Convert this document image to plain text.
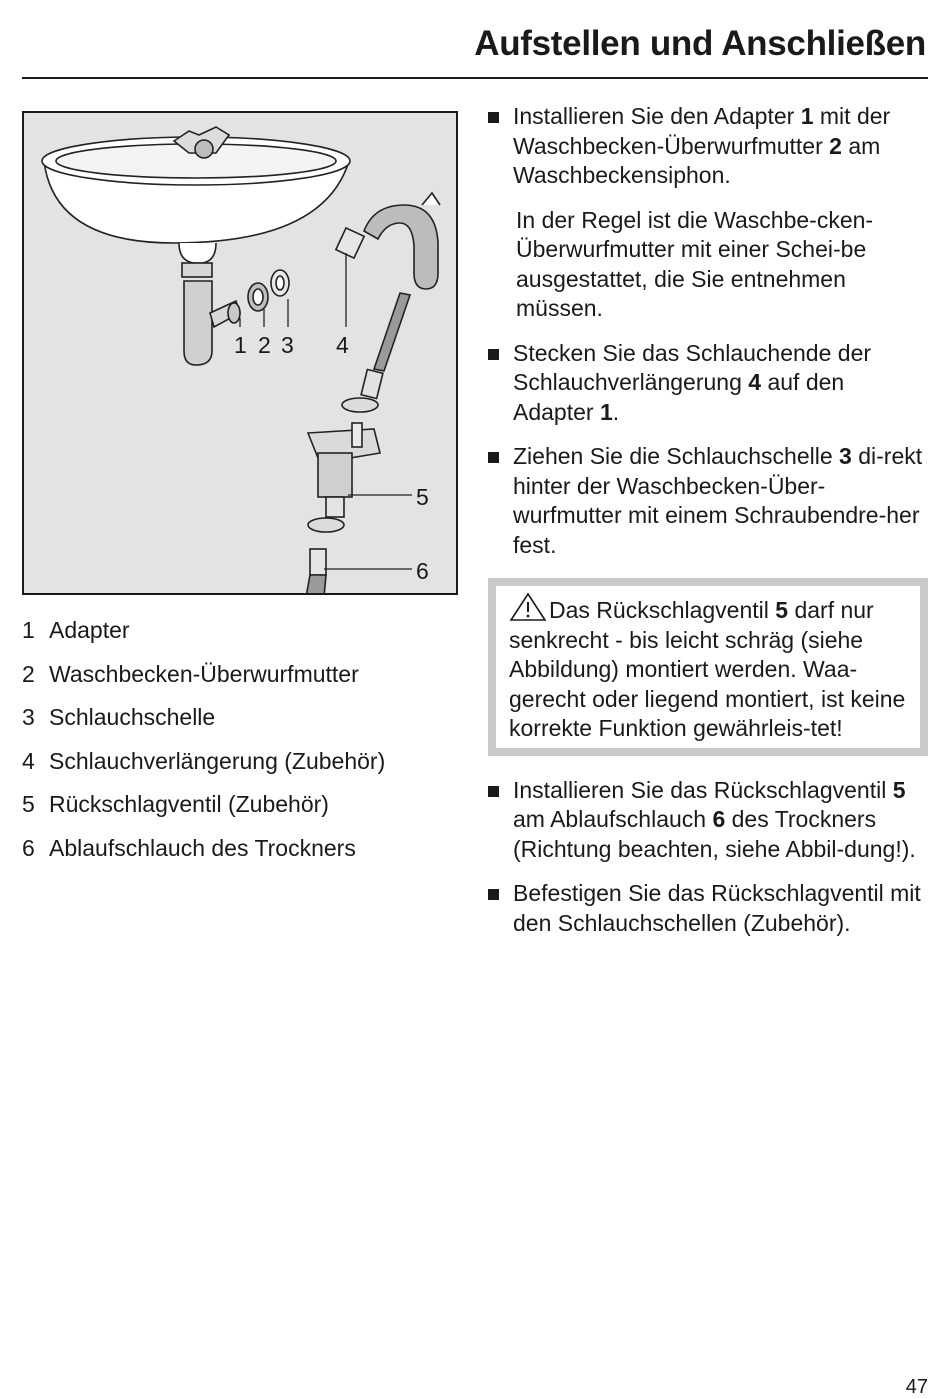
Aufstellen und Anschließen
1 2 3 4
5
6
1 Adapter
2 Waschbecken-Überwurfmutter
3 Schlauchschelle
4 Schlauchverlängerung (Zubehör)
5 Rückschlagventil (Zubehör)
6 Ablaufschlauch des Trockners
Installieren Sie den Adapter 1 mit der Waschbecken-Überwurfmutter 2 am Waschbeckensiphon.
In der Regel ist die Waschbe-cken-Überwurfmutter mit einer Schei-be ausgestattet, die Sie entnehmen müssen.
Stecken Sie das Schlauchende der Schlauchverlängerung 4 auf den Adapter 1.
Ziehen Sie die Schlauchschelle 3 di-rekt hinter der Waschbecken-Über-wurfmutter mit einem Schraubendre-her fest.
Das Rückschlagventil 5 darf nur senkrecht - bis leicht schräg (siehe Abbildung) montiert werden. Waa-gerecht oder liegend montiert, ist keine korrekte Funktion gewährleis-tet!
Installieren Sie das Rückschlagventil 5 am Ablaufschlauch 6 des Trockners (Richtung beachten, siehe Abbil-dung!).
Befestigen Sie das Rückschlagventil mit den Schlauchschellen (Zubehör).
47
